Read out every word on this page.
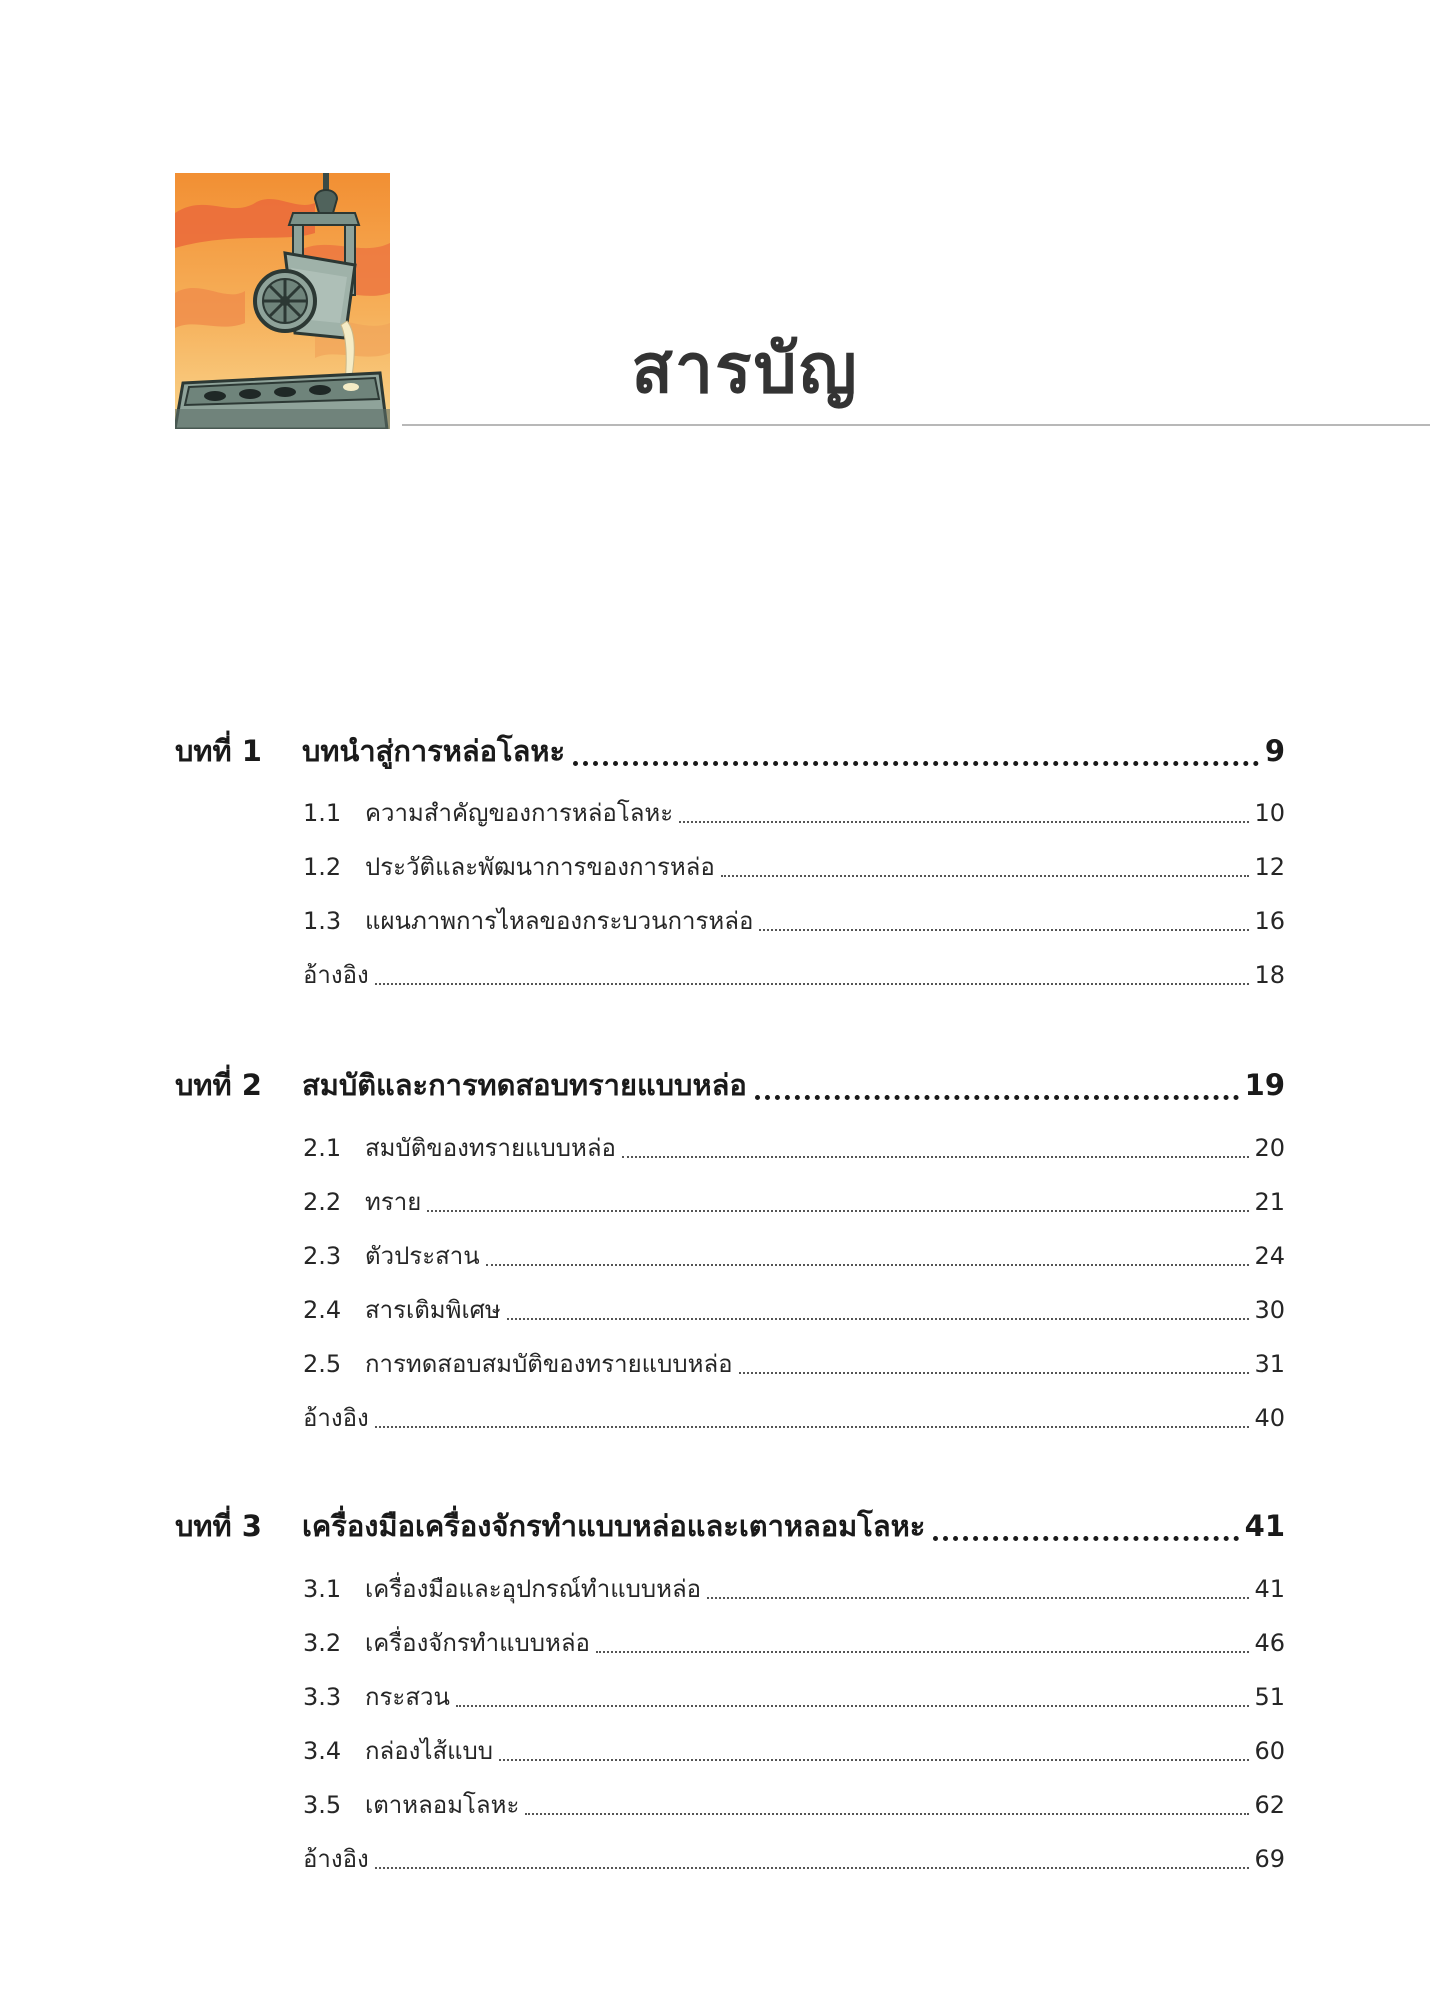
สารบัญ
บทที่ 1	บทนำสู่การหล่อโลหะ	9
1.1 ความสำคัญของการหล่อโลหะ	10
1.2 ประวัติและพัฒนาการของการหล่อ	12
1.3 แผนภาพการไหลของกระบวนการหล่อ	16
อ้างอิง	18
บทที่ 2	สมบัติและการทดสอบทรายแบบหล่อ	19
2.1 สมบัติของทรายแบบหล่อ	20
2.2 ทราย	21
2.3 ตัวประสาน	24
2.4 สารเติมพิเศษ	30
2.5 การทดสอบสมบัติของทรายแบบหล่อ	31
อ้างอิง	40
บทที่ 3	เครื่องมือเครื่องจักรทำแบบหล่อและเตาหลอมโลหะ	41
3.1 เครื่องมือและอุปกรณ์ทำแบบหล่อ	41
3.2 เครื่องจักรทำแบบหล่อ	46
3.3 กระสวน	51
3.4 กล่องไส้แบบ	60
3.5 เตาหลอมโลหะ	62
อ้างอิง	69
